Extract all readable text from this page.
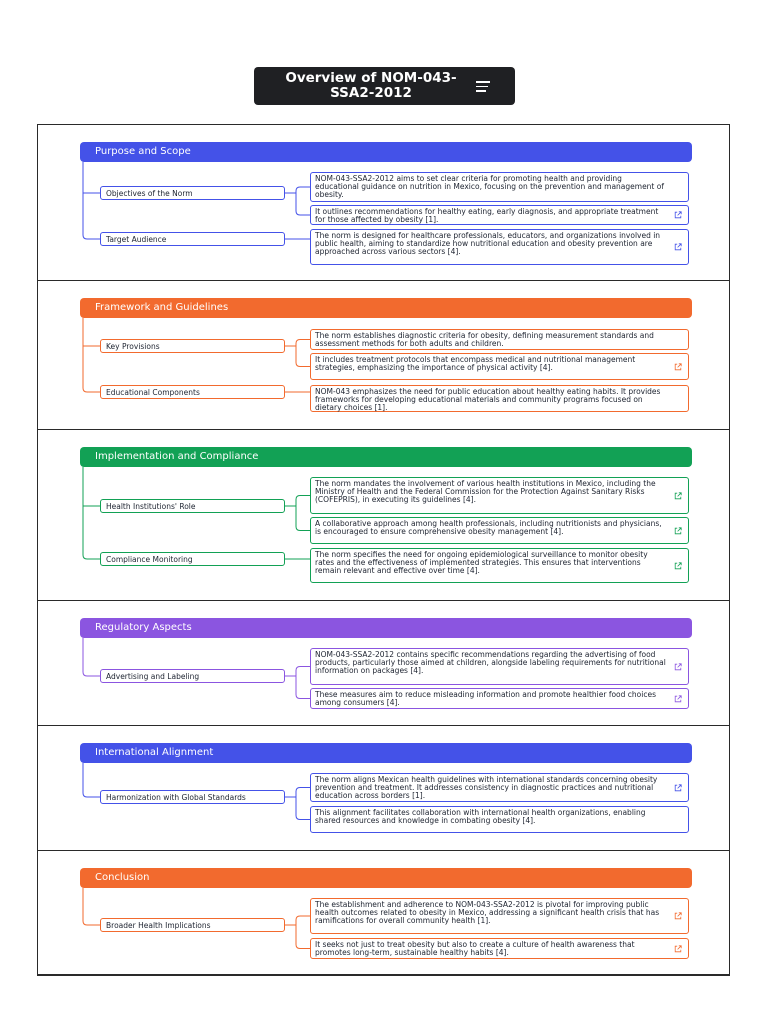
Overview of NOM-043-SSA2-2012
Purpose and Scope
Objectives of the Norm
NOM-043-SSA2-2012 aims to set clear criteria for promoting health and providing educational guidance on nutrition in Mexico, focusing on the prevention and management of obesity.
It outlines recommendations for healthy eating, early diagnosis, and appropriate treatment for those affected by obesity [1].
Target Audience	The norm is designed for healthcare professionals, educators, and organizations involved in public health, aiming to standardize how nutritional education and obesity prevention are approached across various sectors [4].
Framework and Guidelines
Key Provisions
The norm establishes diagnostic criteria for obesity, defining measurement standards and assessment methods for both adults and children.
It includes treatment protocols that encompass medical and nutritional management strategies, emphasizing the importance of physical activity [4].
Educational Components	NOM-043 emphasizes the need for public education about healthy eating habits. It provides frameworks for developing educational materials and community programs focused on dietary choices [1].
Implementation and Compliance
Health Institutions' Role
The norm mandates the involvement of various health institutions in Mexico, including the Ministry of Health and the Federal Commission for the Protection Against Sanitary Risks (COFEPRIS), in executing its guidelines [4].
A collaborative approach among health professionals, including nutritionists and physicians, is encouraged to ensure comprehensive obesity management [4].
Compliance Monitoring
The norm specifies the need for ongoing epidemiological surveillance to monitor obesity rates and the effectiveness of implemented strategies. This ensures that interventions remain relevant and effective over time [4].
Regulatory Aspects
Advertising and Labeling
NOM-043-SSA2-2012 contains specific recommendations regarding the advertising of food products, particularly those aimed at children, alongside labeling requirements for nutritional information on packages [4].
These measures aim to reduce misleading information and promote healthier food choices among consumers [4].
International Alignment
Harmonization with Global Standards
The norm aligns Mexican health guidelines with international standards concerning obesity prevention and treatment. It addresses consistency in diagnostic practices and nutritional education across borders [1].
This alignment facilitates collaboration with international health organizations, enabling shared resources and knowledge in combating obesity [4].
Conclusion
Broader Health Implications
The establishment and adherence to NOM-043-SSA2-2012 is pivotal for improving public health outcomes related to obesity in Mexico, addressing a significant health crisis that has ramifications for overall community health [1].
It seeks not just to treat obesity but also to create a culture of health awareness that promotes long-term, sustainable healthy habits [4].
